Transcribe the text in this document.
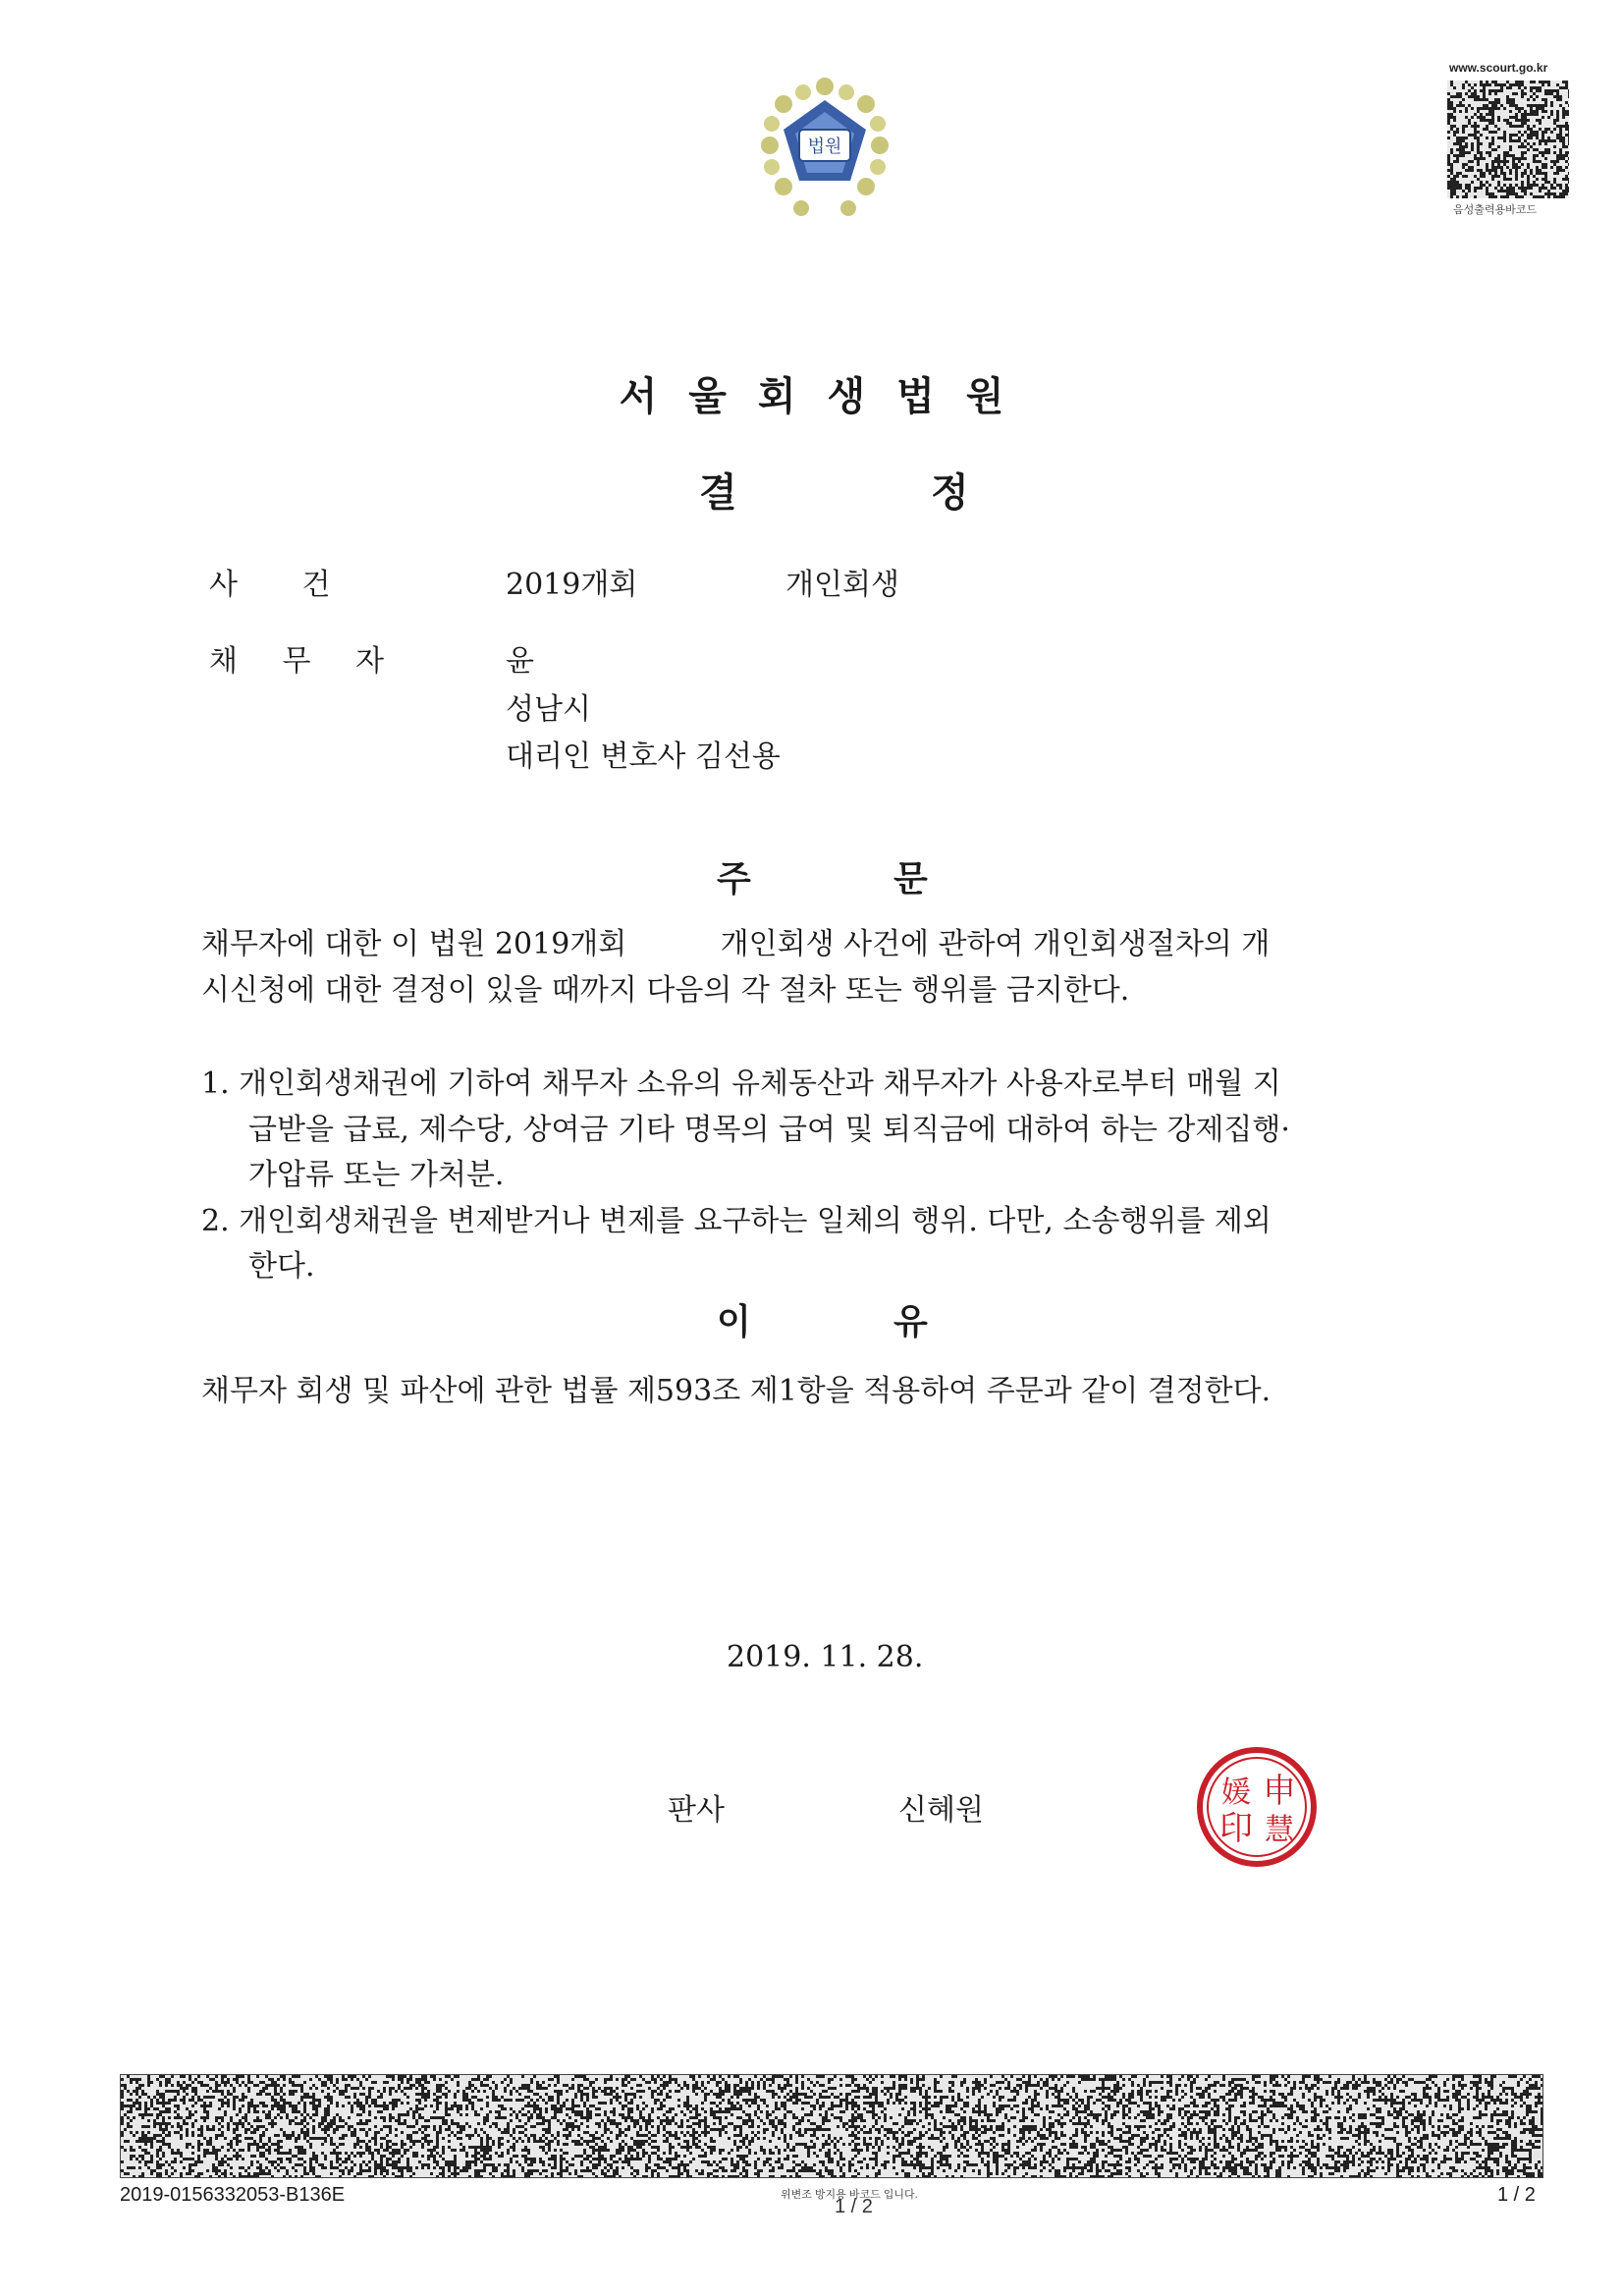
법원
www.scourt.go.kr
음성출력용바코드
서울회생법원
결	정
사 건	2019개회	개인회생
채 무 자	윤
성남시
대리인 변호사 김선용
주	문
채무자에 대한 이 법원 2019개회          개인회생 사건에 관하여 개인회생절차의 개
시신청에 대한 결정이 있을 때까지 다음의 각 절차 또는 행위를 금지한다.
1. 개인회생채권에 기하여 채무자 소유의 유체동산과 채무자가 사용자로부터 매월 지
급받을 급료, 제수당, 상여금 기타 명목의 급여 및 퇴직금에 대하여 하는 강제집행·
가압류 또는 가처분.
2. 개인회생채권을 변제받거나 변제를 요구하는 일체의 행위. 다만, 소송행위를 제외
한다.
이	유
채무자 회생 및 파산에 관한 법률 제593조 제1항을 적용하여 주문과 같이 결정한다.
2019. 11. 28.
판사	신혜원	申
慧
媛
印
2019-0156332053-B136E	위변조 방지용 바코드 입니다.
1 / 2
1 / 2
